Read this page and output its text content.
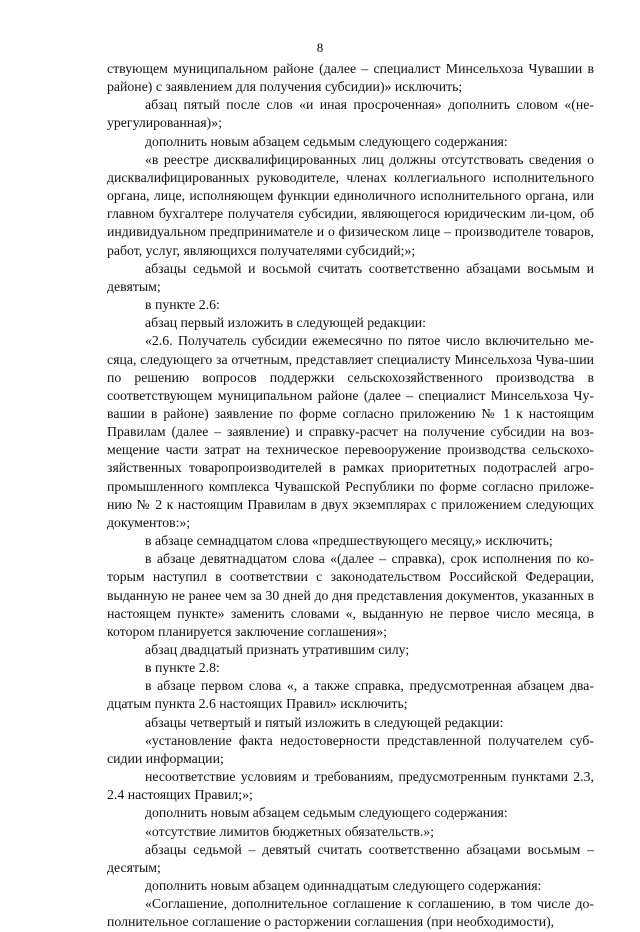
8

ствующем муниципальном районе (далее – специалист Минсельхоза Чувашии в районе) с заявлением для получения субсидии)» исключить;

абзац пятый после слов «и иная просроченная» дополнить словом «(не-урегулированная)»;

дополнить новым абзацем седьмым следующего содержания:

«в реестре дисквалифицированных лиц должны отсутствовать сведения о дисквалифицированных руководителе, членах коллегиального исполнительного органа, лице, исполняющем функции единоличного исполнительного органа, или главном бухгалтере получателя субсидии, являющегося юридическим ли-цом, об индивидуальном предпринимателе и о физическом лице – производителе товаров, работ, услуг, являющихся получателями субсидий;»;

абзацы седьмой и восьмой считать соответственно абзацами восьмым и девятым;

в пункте 2.6:

абзац первый изложить в следующей редакции:

«2.6. Получатель субсидии ежемесячно по пятое число включительно ме-сяца, следующего за отчетным, представляет специалисту Минсельхоза Чува-шии по решению вопросов поддержки сельскохозяйственного производства в соответствующем муниципальном районе (далее – специалист Минсельхоза Чу-вашии в районе) заявление по форме согласно приложению № 1 к настоящим Правилам (далее – заявление) и справку-расчет на получение субсидии на воз-мещение части затрат на техническое перевооружение производства сельскохо-зяйственных товаропроизводителей в рамках приоритетных подотраслей агро-промышленного комплекса Чувашской Республики по форме согласно приложе-нию № 2 к настоящим Правилам в двух экземплярах с приложением следующих документов:»;

в абзаце семнадцатом слова «предшествующего месяцу,» исключить;

в абзаце девятнадцатом слова «(далее – справка), срок исполнения по ко-торым наступил в соответствии с законодательством Российской Федерации, выданную не ранее чем за 30 дней до дня представления документов, указанных в настоящем пункте» заменить словами «, выданную не первое число месяца, в котором планируется заключение соглашения»;

абзац двадцатый признать утратившим силу;

в пункте 2.8:

в абзаце первом слова «, а также справка, предусмотренная абзацем два-дцатым пункта 2.6 настоящих Правил» исключить;

абзацы четвертый и пятый изложить в следующей редакции:

«установление факта недостоверности представленной получателем суб-сидии информации;

несоответствие условиям и требованиям, предусмотренным пунктами 2.3, 2.4 настоящих Правил;»;

дополнить новым абзацем седьмым следующего содержания:

«отсутствие лимитов бюджетных обязательств.»;

абзацы седьмой – девятый считать соответственно абзацами восьмым – десятым;

дополнить новым абзацем одиннадцатым следующего содержания:

«Соглашение, дополнительное соглашение к соглашению, в том числе до-полнительное соглашение о расторжении соглашения (при необходимости),
